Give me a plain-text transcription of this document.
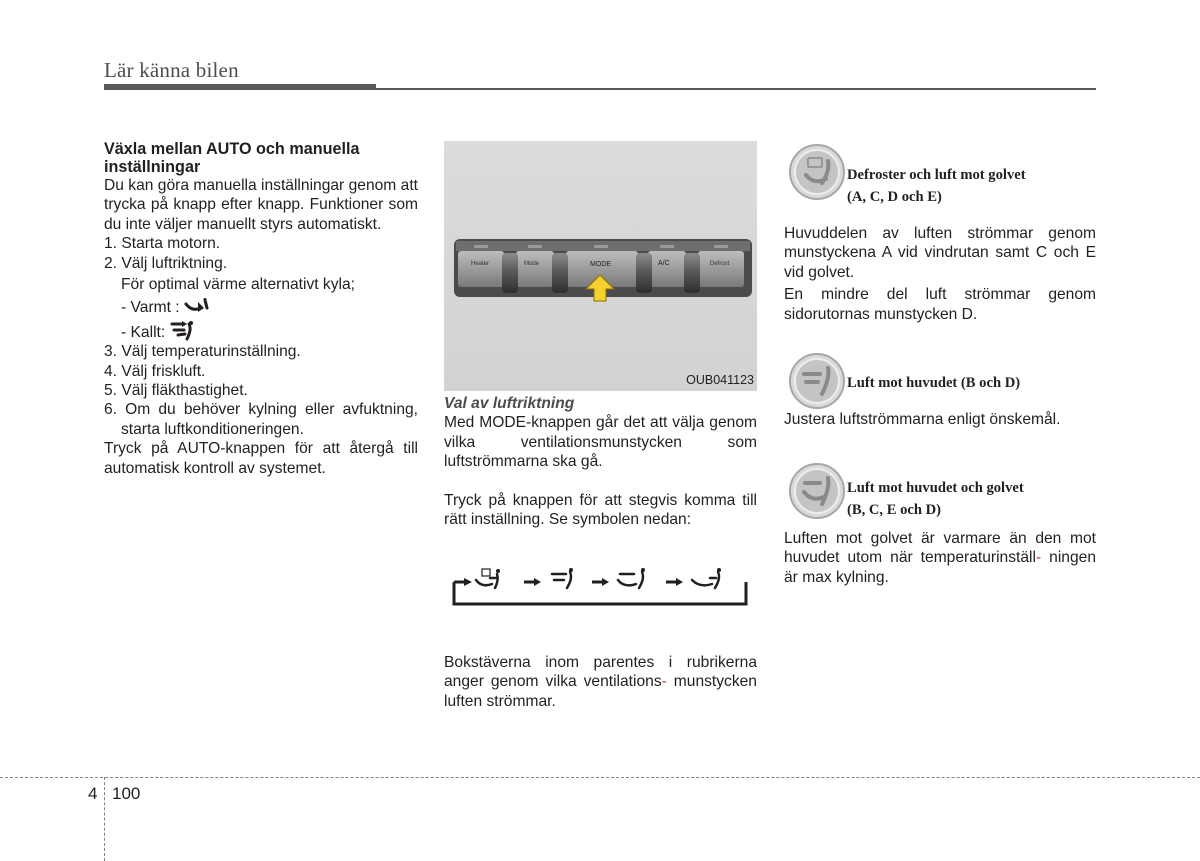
Lär känna bilen

Växla mellan AUTO och manuella inställningar

Du kan göra manuella inställningar genom att trycka på knapp efter knapp. Funktioner som du inte väljer manuellt styrs automatiskt.

1. Starta motorn.

2. Välj luftriktning.

För optimal värme alternativt kyla;

- Varmt :

- Kallt:

3. Välj temperaturinställning.

4. Välj friskluft.

5. Välj fläkthastighet.

6. Om du behöver kylning eller avfuktning, starta luftkonditioneringen.

Tryck på AUTO-knappen för att återgå till automatisk kontroll av systemet.

Heater	Mode	MODE	A/C	Defrost
OUB041123

Val av luftriktning

Med MODE-knappen går det att välja genom vilka ventilationsmunstycken som luftströmmarna ska gå.

Tryck på knappen för att stegvis komma till rätt inställning. Se symbolen nedan:

Bokstäverna inom parentes i rubrikerna anger genom vilka ventilations- munstycken luften strömmar.

Defroster och luft mot golvet
(A, C, D och E)

Huvuddelen av luften strömmar genom munstyckena A vid vindrutan samt C och E vid golvet.

En mindre del luft strömmar genom sidorutornas munstycken D.

Luft mot huvudet (B och D)

Justera luftströmmarna enligt önskemål.

Luft mot huvudet och golvet
(B, C, E och D)

Luften mot golvet är varmare än den mot huvudet utom när temperaturinställ- ningen är max kylning.

4 100
